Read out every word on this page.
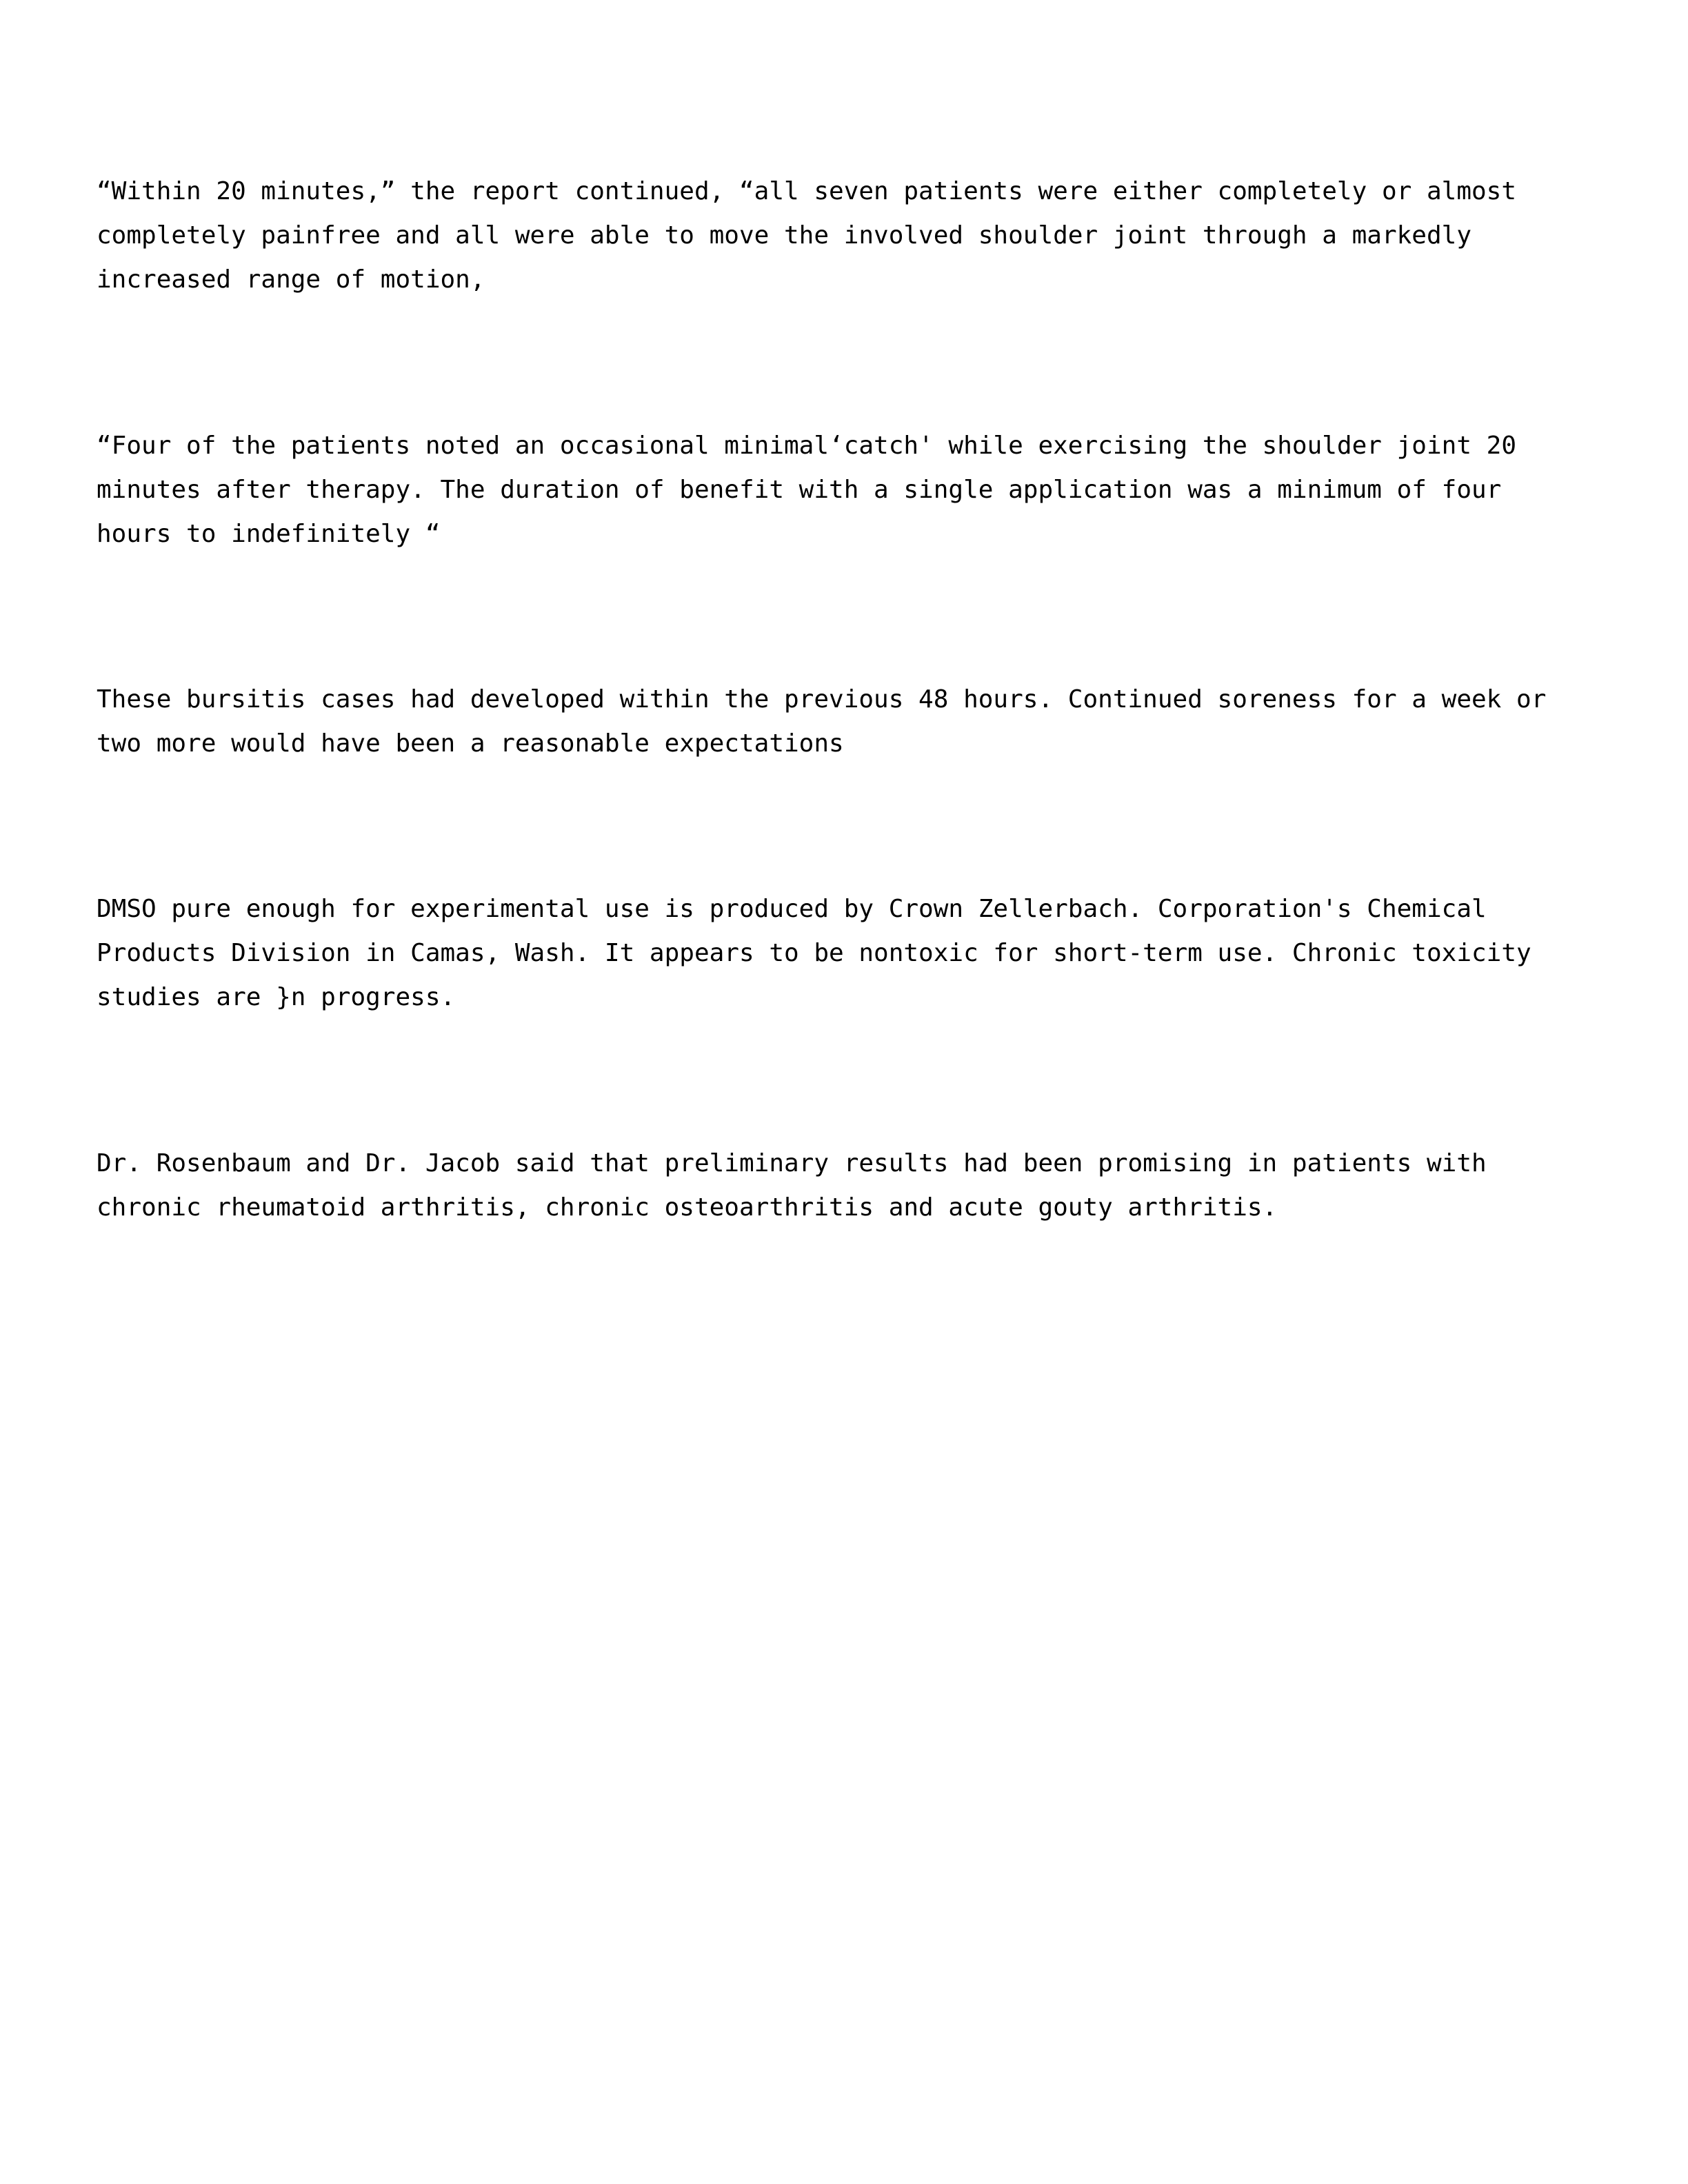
“Within 20 minutes,” the report continued, “all seven patients were either completely or almost completely painfree and all were able to move the involved shoulder joint through a markedly increased range of motion,

“Four of the patients noted an occasional minimal‘catch' while exercising the shoulder joint 20 minutes after therapy. The duration of benefit with a single application was a minimum of four hours to indefinitely “

These bursitis cases had developed within the previous 48 hours. Continued soreness for a week or two more would have been a reasonable expectations

DMSO pure enough for experimental use is produced by Crown Zellerbach. Corporation's Chemical Products Division in Camas, Wash. It appears to be nontoxic for short-term use. Chronic toxicity studies are }n progress.

Dr. Rosenbaum and Dr. Jacob said that preliminary results had been promising in patients with chronic rheumatoid arthritis, chronic osteoarthritis and acute gouty arthritis.
